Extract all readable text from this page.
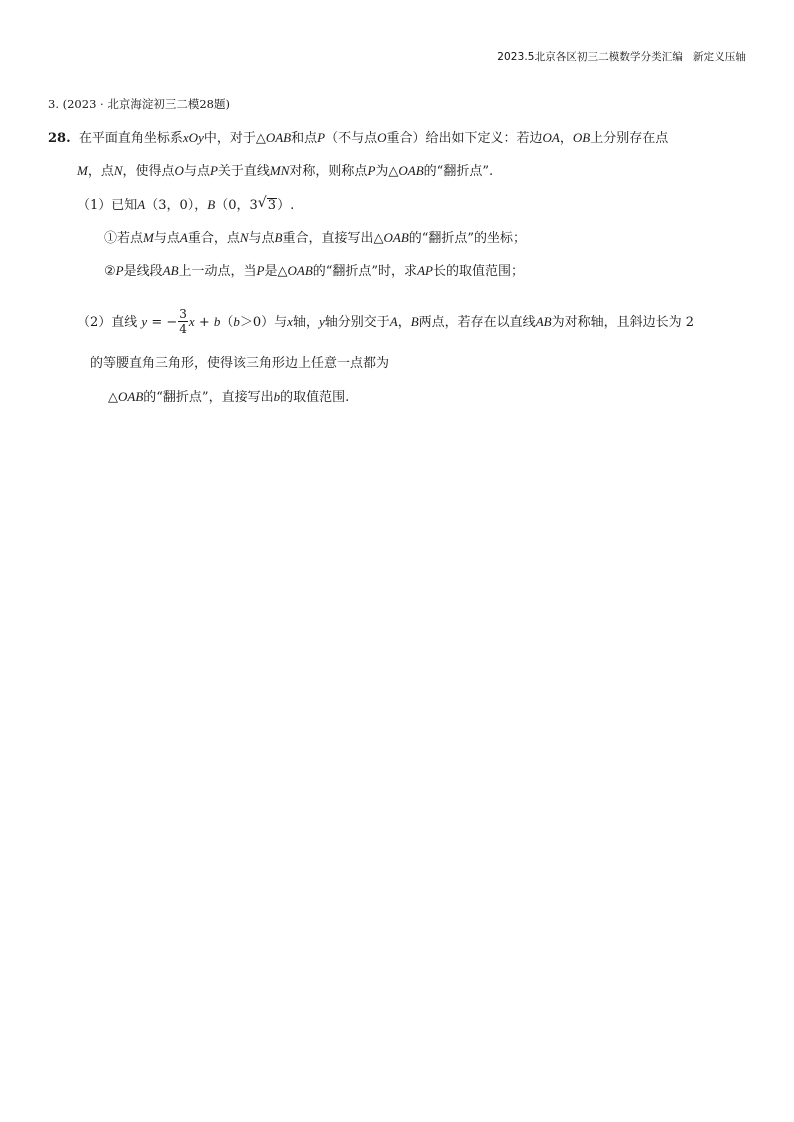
2023.5北京各区初三二模数学分类汇编 新定义压轴
3. (2023 · 北京海淀初三二模28题)
28. 在平面直角坐标系xOy中，对于△OAB和点P（不与点O重合）给出如下定义：若边OA，OB上分别存在点
M，点N，使得点O与点P关于直线MN对称，则称点P为△OAB的“翻折点”.
（1）已知A（3，0），B（0，3 √ 3）.
①若点M与点A重合，点N与点B重合，直接写出△OAB的“翻折点”的坐标；
②P是线段AB上一动点，当P是△OAB的“翻折点”时，求AP长的取值范围；
（2）直线 y = − $\frac{3}{4}$ x + b（b＞0）与x轴，y轴分别交于A，B两点，若存在以直线AB为对称轴，且斜边长为 2
的等腰直角三角形，使得该三角形边上任意一点都为
△OAB的“翻折点”，直接写出b的取值范围.
